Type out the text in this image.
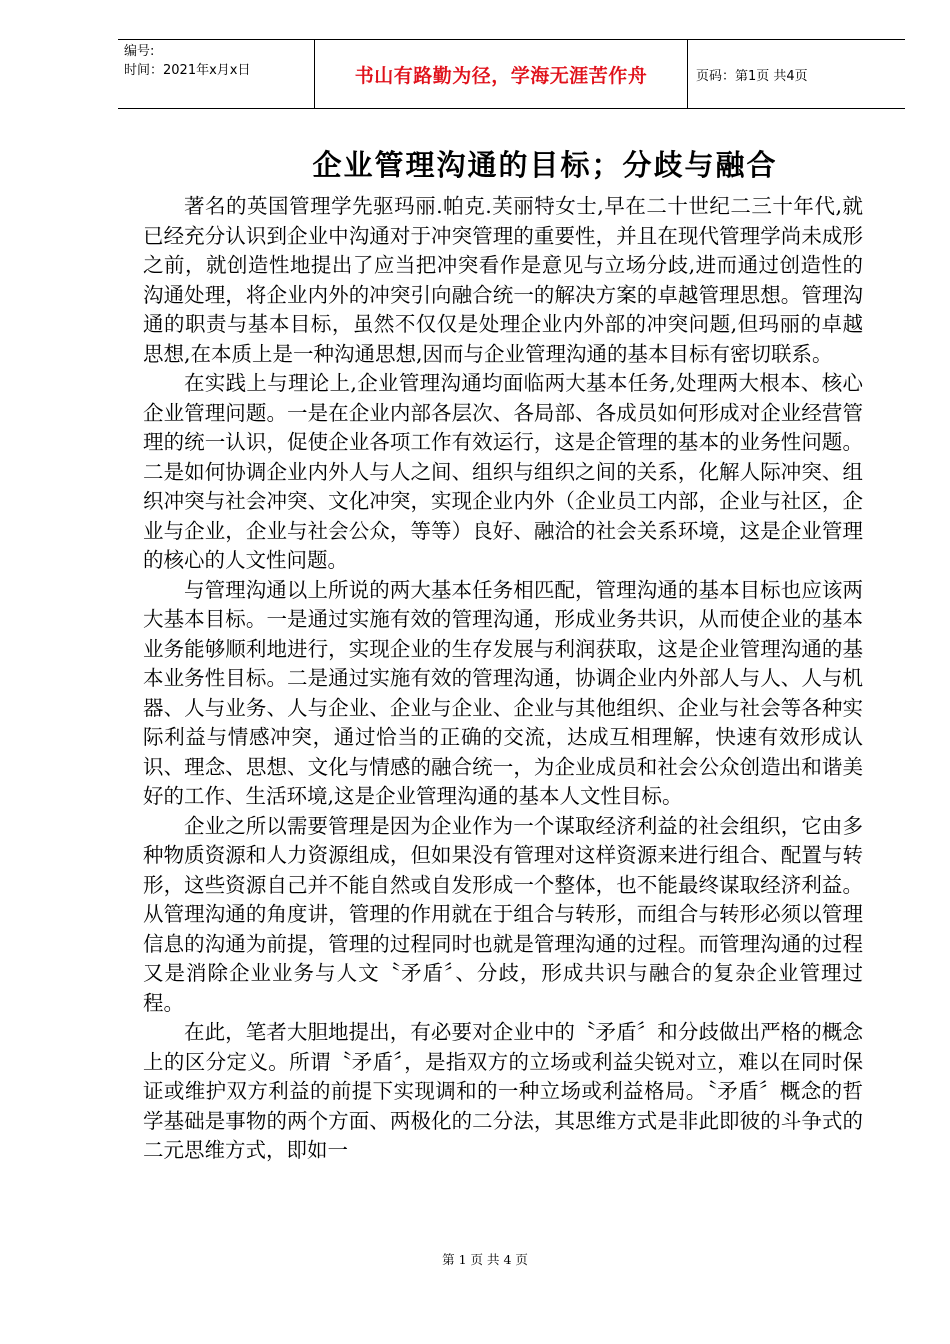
编号:
时间：2021年x月x日	书山有路勤为径，学海无涯苦作舟	页码：第1页 共4页
企业管理沟通的目标；分歧与融合

著名的英国管理学先驱玛丽.帕克.芙丽特女士,早在二十世纪二三十年代,就已经充分认识到企业中沟通对于冲突管理的重要性，并且在现代管理学尚未成形之前，就创造性地提出了应当把冲突看作是意见与立场分歧,进而通过创造性的沟通处理，将企业内外的冲突引向融合统一的解决方案的卓越管理思想。管理沟通的职责与基本目标，虽然不仅仅是处理企业内外部的冲突问题,但玛丽的卓越思想,在本质上是一种沟通思想,因而与企业管理沟通的基本目标有密切联系。

在实践上与理论上,企业管理沟通均面临两大基本任务,处理两大根本、核心企业管理问题。一是在企业内部各层次、各局部、各成员如何形成对企业经营管理的统一认识，促使企业各项工作有效运行，这是企管理的基本的业务性问题。二是如何协调企业内外人与人之间、组织与组织之间的关系，化解人际冲突、组织冲突与社会冲突、文化冲突，实现企业内外（企业员工内部，企业与社区，企业与企业，企业与社会公众，等等）良好、融洽的社会关系环境，这是企业管理的核心的人文性问题。

与管理沟通以上所说的两大基本任务相匹配，管理沟通的基本目标也应该两大基本目标。一是通过实施有效的管理沟通，形成业务共识，从而使企业的基本业务能够顺利地进行，实现企业的生存发展与利润获取，这是企业管理沟通的基本业务性目标。二是通过实施有效的管理沟通，协调企业内外部人与人、人与机器、人与业务、人与企业、企业与企业、企业与其他组织、企业与社会等各种实际利益与情感冲突，通过恰当的正确的交流，达成互相理解，快速有效形成认识、理念、思想、文化与情感的融合统一，为企业成员和社会公众创造出和谐美好的工作、生活环境,这是企业管理沟通的基本人文性目标。

企业之所以需要管理是因为企业作为一个谋取经济利益的社会组织，它由多种物质资源和人力资源组成，但如果没有管理对这样资源来进行组合、配置与转形，这些资源自己并不能自然或自发形成一个整体，也不能最终谋取经济利益。从管理沟通的角度讲，管理的作用就在于组合与转形，而组合与转形必须以管理信息的沟通为前提，管理的过程同时也就是管理沟通的过程。而管理沟通的过程又是消除企业业务与人文〝矛盾〞、分歧，形成共识与融合的复杂企业管理过程。

在此，笔者大胆地提出，有必要对企业中的〝矛盾〞和分歧做出严格的概念上的区分定义。所谓〝矛盾〞，是指双方的立场或利益尖锐对立，难以在同时保证或维护双方利益的前提下实现调和的一种立场或利益格局。〝矛盾〞概念的哲学基础是事物的两个方面、两极化的二分法，其思维方式是非此即彼的斗争式的二元思维方式，即如一

第 1 页 共 4 页
